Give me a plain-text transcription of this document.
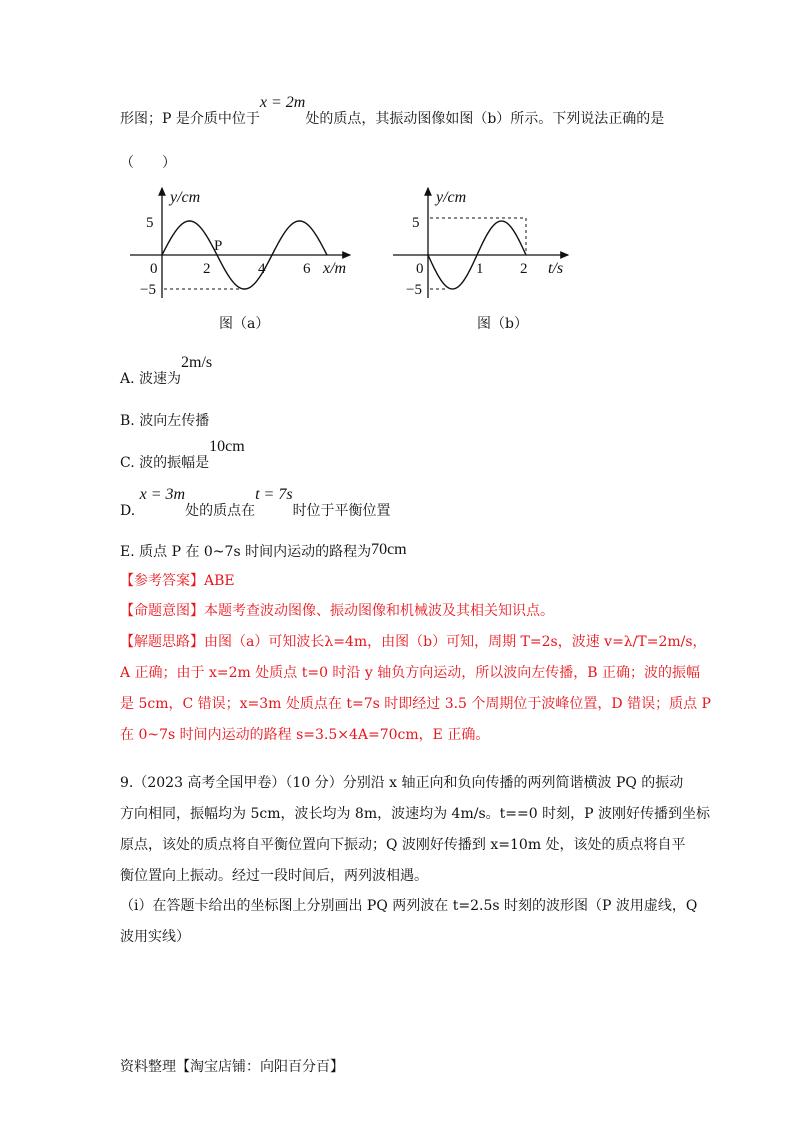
形图；P 是介质中位于x = 2m处的质点，其振动图像如图（b）所示。下列说法正确的是
（　　）
y/cm
5
−5
0	2	4	6 x/m
P
图（a）
y/cm
5
−5
0	1 2 t/s
图（b）
A. 波速为2m/s
B. 波向左传播
C. 波的振幅是10cm
D. x = 3m处的质点在t = 7s时位于平衡位置
E. 质点 P 在 0~7s 时间内运动的路程为70cm
【参考答案】ABE
【命题意图】本题考查波动图像、振动图像和机械波及其相关知识点。
【解题思路】由图（a）可知波长λ=4m，由图（b）可知，周期 T=2s，波速 v=λ/T=2m/s，
A 正确；由于 x=2m 处质点 t=0 时沿 y 轴负方向运动，所以波向左传播，B 正确；波的振幅
是 5cm，C 错误；x=3m 处质点在 t=7s 时即经过 3.5 个周期位于波峰位置，D 错误；质点 P
在 0~7s 时间内运动的路程 s=3.5×4A=70cm，E 正确。
9.（2023 高考全国甲卷）（10 分）分别沿 x 轴正向和负向传播的两列简谐横波 PQ 的振动
方向相同，振幅均为 5cm，波长均为 8m，波速均为 4m/s。t==0 时刻，P 波刚好传播到坐标
原点，该处的质点将自平衡位置向下振动；Q 波刚好传播到 x=10m 处，该处的质点将自平
衡位置向上振动。经过一段时间后，两列波相遇。
（i）在答题卡给出的坐标图上分别画出 PQ 两列波在 t=2.5s 时刻的波形图（P 波用虚线，Q
波用实线）
资料整理【淘宝店铺：向阳百分百】
